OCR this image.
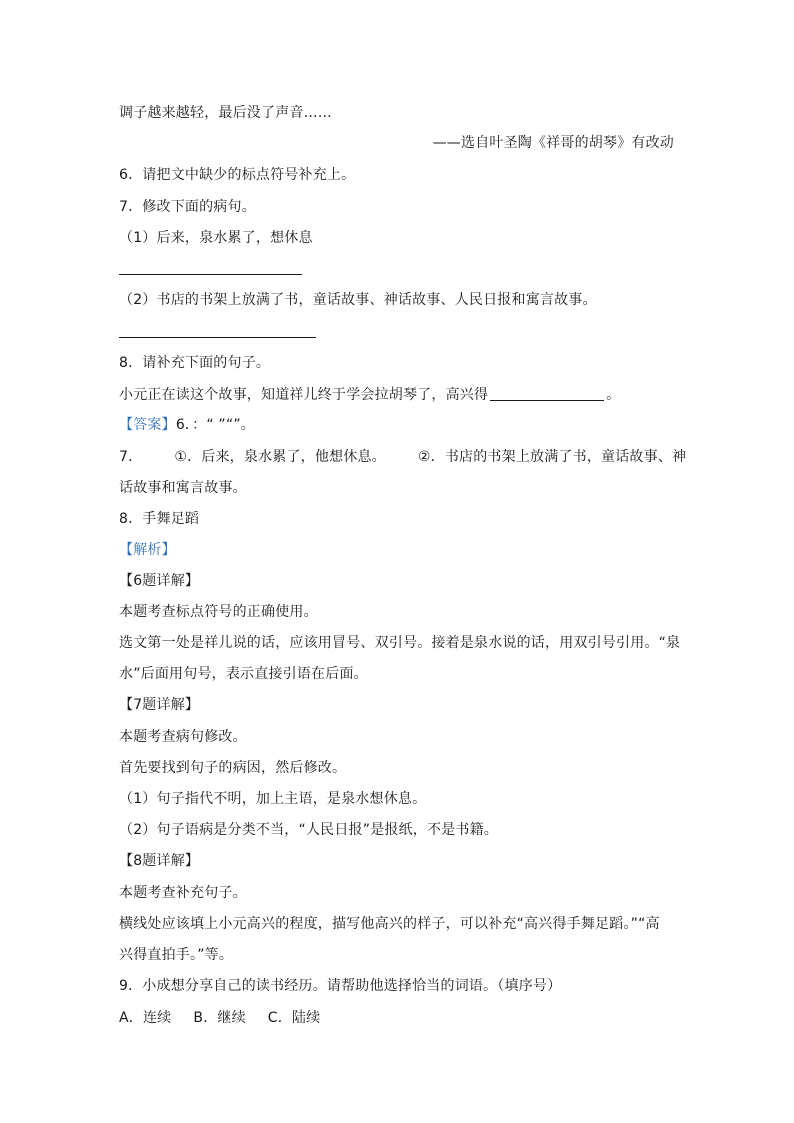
调子越来越轻，最后没了声音……
——选自叶圣陶《祥哥的胡琴》有改动
6．请把文中缺少的标点符号补充上。
7．修改下面的病句。
（1）后来，泉水累了，想休息
（2）书店的书架上放满了书，童话故事、神话故事、人民日报和寓言故事。
8．请补充下面的句子。
小元正在读这个故事，知道祥儿终于学会拉胡琴了，高兴得	。
【答案】6．：“ ”“”。
7． ①．后来，泉水累了，他想休息。 ②．书店的书架上放满了书，童话故事、神
话故事和寓言故事。
8．手舞足蹈
【解析】
【6题详解】
本题考查标点符号的正确使用。
选文第一处是祥儿说的话，应该用冒号、双引号。接着是泉水说的话，用双引号引用。“泉
水”后面用句号，表示直接引语在后面。
【7题详解】
本题考查病句修改。
首先要找到句子的病因，然后修改。
（1）句子指代不明，加上主语，是泉水想休息。
（2）句子语病是分类不当，“人民日报”是报纸，不是书籍。
【8题详解】
本题考查补充句子。
横线处应该填上小元高兴的程度，描写他高兴的样子，可以补充“高兴得手舞足蹈。”“高
兴得直拍手。”等。
9．小成想分享自己的读书经历。请帮助他选择恰当的词语。（填序号）
A．连续 B．继续 C．陆续
